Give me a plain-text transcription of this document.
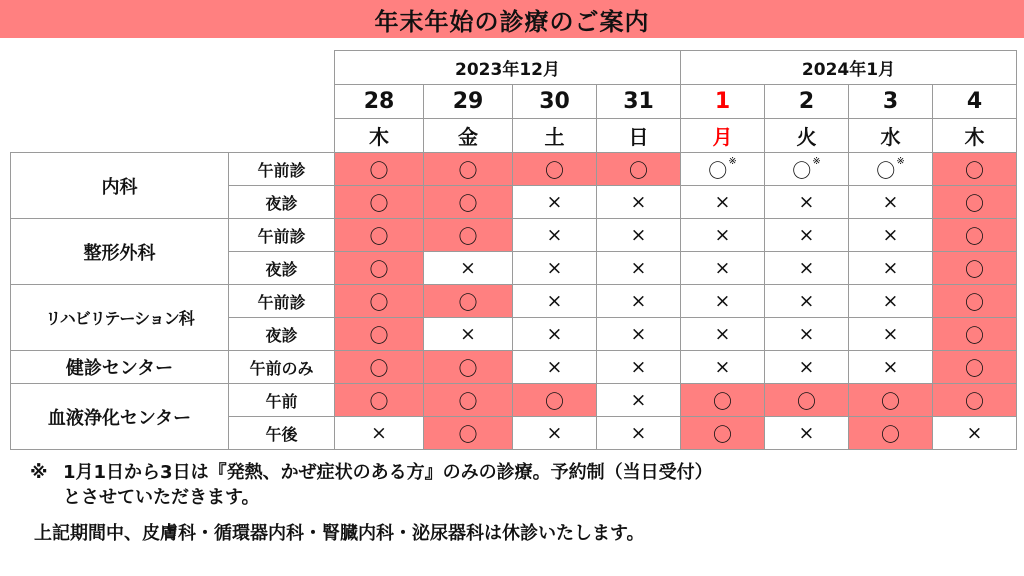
年末年始の診療のご案内
		2023年12月				2024年1月			
		28	29	30	31	1	2	3	4
		木	金	土	日	月	火	水	木
内科	午前診	〇	〇	〇	〇	〇※	〇※	〇※	〇
	夜診	〇	〇	×	×	×	×	×	〇
整形外科	午前診	〇	〇	×	×	×	×	×	〇
	夜診	〇	×	×	×	×	×	×	〇
リハビリテーション科	午前診	〇	〇	×	×	×	×	×	〇
	夜診	〇	×	×	×	×	×	×	〇
健診センター	午前のみ	〇	〇	×	×	×	×	×	〇
血液浄化センター	午前	〇	〇	〇	×	〇	〇	〇	〇
	午後	×	〇	×	×	〇	×	〇	×
※ 1月1日から3日は『発熱、かぜ症状のある方』のみの診療。予約制（当日受付）
とさせていただきます。
上記期間中、皮膚科・循環器内科・腎臓内科・泌尿器科は休診いたします。
